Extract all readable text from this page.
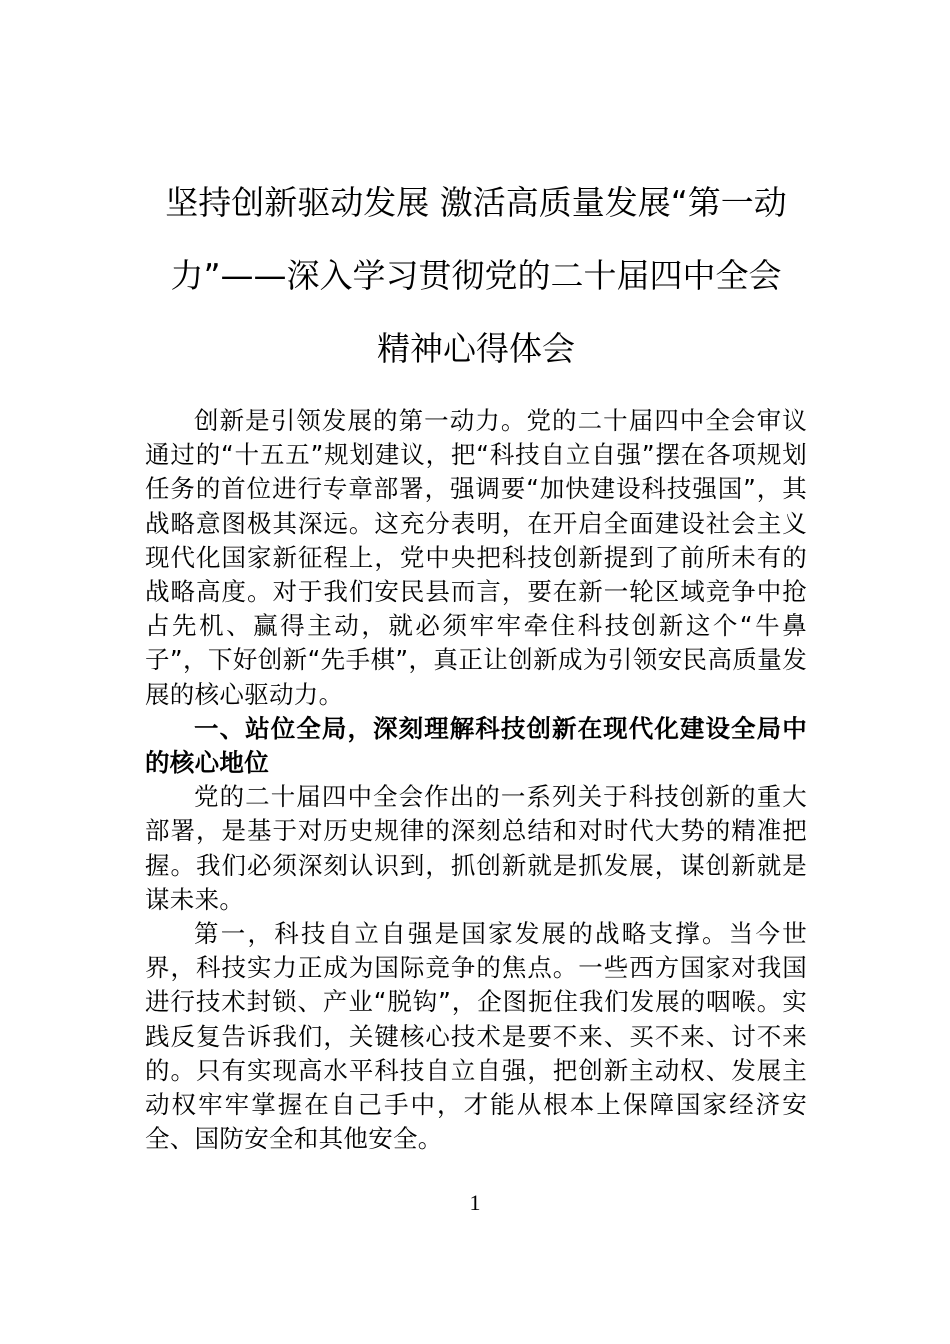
坚持创新驱动发展 激活高质量发展“第一动
力”——深入学习贯彻党的二十届四中全会
精神心得体会

创新是引领发展的第一动力。党的二十届四中全会审议通过的“十五五”规划建议，把“科技自立自强”摆在各项规划任务的首位进行专章部署，强调要“加快建设科技强国”，其战略意图极其深远。这充分表明，在开启全面建设社会主义现代化国家新征程上，党中央把科技创新提到了前所未有的战略高度。对于我们安民县而言，要在新一轮区域竞争中抢占先机、赢得主动，就必须牢牢牵住科技创新这个“牛鼻子”，下好创新“先手棋”，真正让创新成为引领安民高质量发展的核心驱动力。

一、站位全局，深刻理解科技创新在现代化建设全局中的核心地位

党的二十届四中全会作出的一系列关于科技创新的重大部署，是基于对历史规律的深刻总结和对时代大势的精准把握。我们必须深刻认识到，抓创新就是抓发展，谋创新就是谋未来。

第一，科技自立自强是国家发展的战略支撑。当今世界，科技实力正成为国际竞争的焦点。一些西方国家对我国进行技术封锁、产业“脱钩”，企图扼住我们发展的咽喉。实践反复告诉我们，关键核心技术是要不来、买不来、讨不来的。只有实现高水平科技自立自强，把创新主动权、发展主动权牢牢掌握在自己手中，才能从根本上保障国家经济安全、国防安全和其他安全。

1
